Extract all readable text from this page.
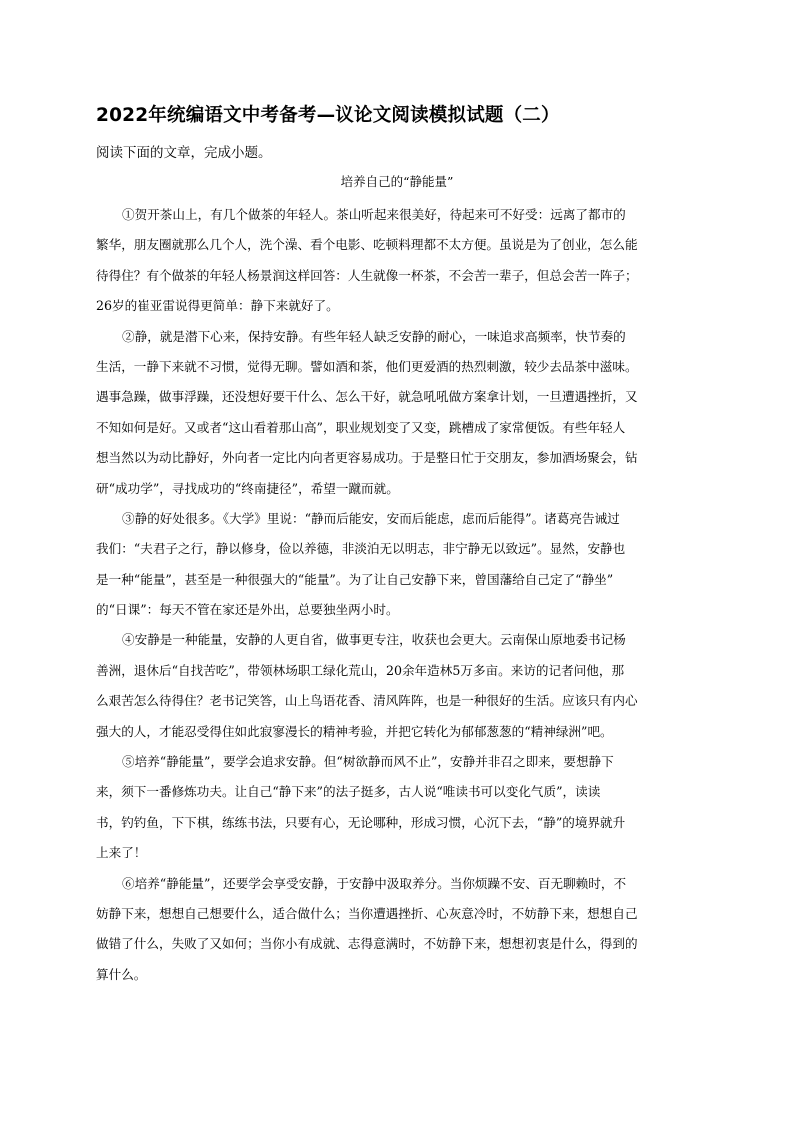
2022年统编语文中考备考—议论文阅读模拟试题（二）
阅读下面的文章，完成小题。
培养自己的“静能量”
①贺开茶山上，有几个做茶的年轻人。茶山听起来很美好，待起来可不好受：远离了都市的
繁华，朋友圈就那么几个人，洗个澡、看个电影、吃顿料理都不太方便。虽说是为了创业，怎么能
待得住？有个做茶的年轻人杨景润这样回答：人生就像一杯茶，不会苦一辈子，但总会苦一阵子；
26岁的崔亚雷说得更简单：静下来就好了。
②静，就是潜下心来，保持安静。有些年轻人缺乏安静的耐心，一味追求高频率，快节奏的
生活，一静下来就不习惯，觉得无聊。譬如酒和茶，他们更爱酒的热烈刺激，较少去品茶中滋味。
遇事急躁，做事浮躁，还没想好要干什么、怎么干好，就急吼吼做方案拿计划，一旦遭遇挫折，又
不知如何是好。又或者“这山看着那山高”，职业规划变了又变，跳槽成了家常便饭。有些年轻人
想当然以为动比静好，外向者一定比内向者更容易成功。于是整日忙于交朋友，参加酒场聚会，钻
研“成功学”，寻找成功的“终南捷径”，希望一蹴而就。
③静的好处很多。《大学》里说：“静而后能安，安而后能虑，虑而后能得”。诸葛亮告诫过
我们：“夫君子之行，静以修身，俭以养德，非淡泊无以明志，非宁静无以致远”。显然，安静也
是一种“能量”，甚至是一种很强大的“能量”。为了让自己安静下来，曾国藩给自己定了“静坐”
的“日课”：每天不管在家还是外出，总要独坐两小时。
④安静是一种能量，安静的人更自省，做事更专注，收获也会更大。云南保山原地委书记杨
善洲，退休后“自找苦吃”，带领林场职工绿化荒山，20余年造林5万多亩。来访的记者问他，那
么艰苦怎么待得住？老书记笑答，山上鸟语花香、清风阵阵，也是一种很好的生活。应该只有内心
强大的人，才能忍受得住如此寂寥漫长的精神考验，并把它转化为郁郁葱葱的“精神绿洲”吧。
⑤培养“静能量”，要学会追求安静。但“树欲静而风不止”，安静并非召之即来，要想静下
来，须下一番修炼功夫。让自己“静下来”的法子挺多，古人说“唯读书可以变化气质”，读读
书，钓钓鱼，下下棋，练练书法，只要有心，无论哪种，形成习惯，心沉下去，“静”的境界就升
上来了！
⑥培养“静能量”，还要学会享受安静，于安静中汲取养分。当你烦躁不安、百无聊赖时，不
妨静下来，想想自己想要什么，适合做什么；当你遭遇挫折、心灰意冷时，不妨静下来，想想自己
做错了什么，失败了又如何；当你小有成就、志得意满时，不妨静下来，想想初衷是什么，得到的
算什么。
